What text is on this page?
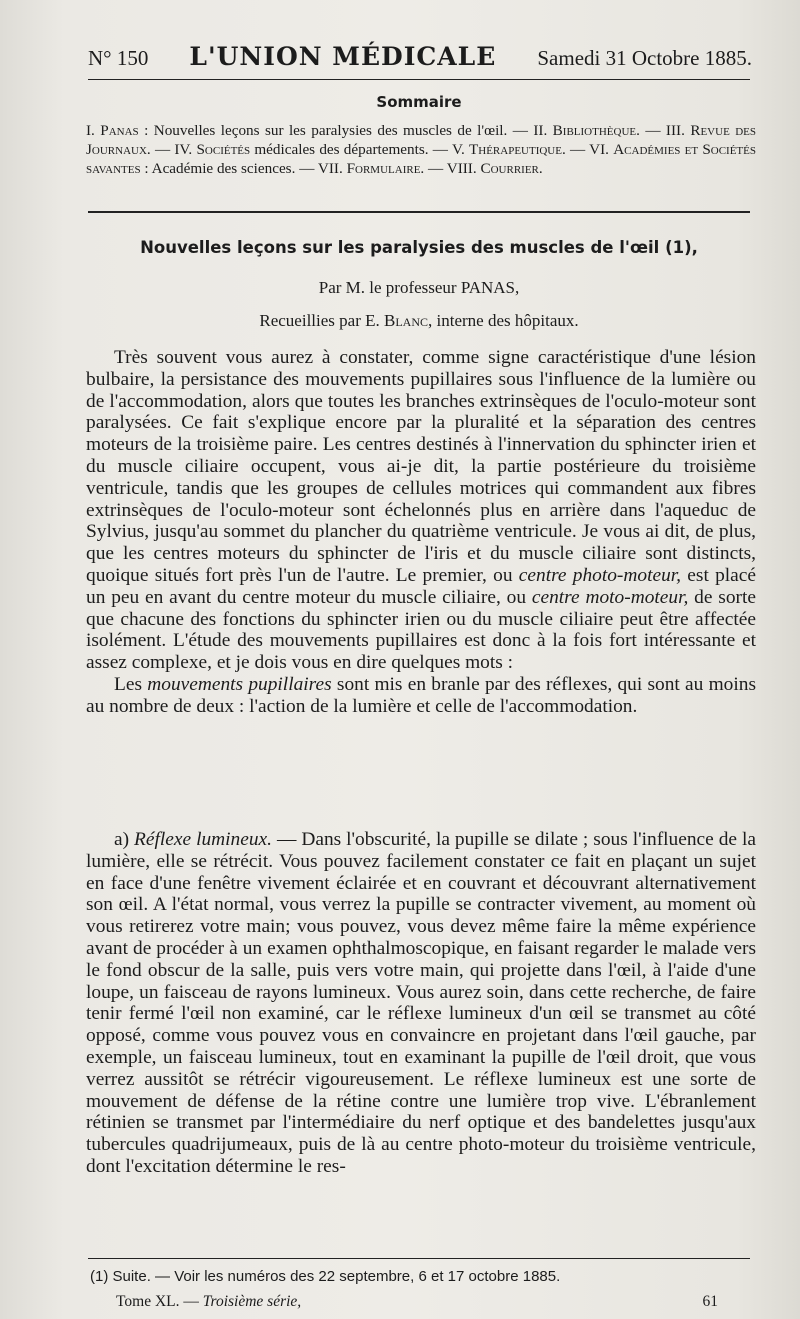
N° 150 L'UNION MÉDICALE Samedi 31 Octobre 1885.
Sommaire
I. Panas : Nouvelles leçons sur les paralysies des muscles de l'œil. — II. Bibliothèque. — III. Revue des Journaux. — IV. Sociétés médicales des départements. — V. Thérapeutique. — VI. Académies et Sociétés savantes : Académie des sciences. — VII. Formulaire. — VIII. Courrier.
Nouvelles leçons sur les paralysies des muscles de l'œil (1),
Par M. le professeur PANAS,
Recueillies par E. Blanc, interne des hôpitaux.

Très souvent vous aurez à constater, comme signe caractéristique d'une lésion bulbaire, la persistance des mouvements pupillaires sous l'influence de la lumière ou de l'accommodation, alors que toutes les branches extrinsèques de l'oculo-moteur sont paralysées. Ce fait s'explique encore par la pluralité et la séparation des centres moteurs de la troisième paire. Les centres destinés à l'innervation du sphincter irien et du muscle ciliaire occupent, vous ai-je dit, la partie postérieure du troisième ventricule, tandis que les groupes de cellules motrices qui commandent aux fibres extrinsèques de l'oculo-moteur sont échelonnés plus en arrière dans l'aqueduc de Sylvius, jusqu'au sommet du plancher du quatrième ventricule. Je vous ai dit, de plus, que les centres moteurs du sphincter de l'iris et du muscle ciliaire sont distincts, quoique situés fort près l'un de l'autre. Le premier, ou centre photo-moteur, est placé un peu en avant du centre moteur du muscle ciliaire, ou centre moto-moteur, de sorte que chacune des fonctions du sphincter irien ou du muscle ciliaire peut être affectée isolément. L'étude des mouvements pupillaires est donc à la fois fort intéressante et assez complexe, et je dois vous en dire quelques mots :

Les mouvements pupillaires sont mis en branle par des réflexes, qui sont au moins au nombre de deux : l'action de la lumière et celle de l'accommodation.

a) Réflexe lumineux. — Dans l'obscurité, la pupille se dilate ; sous l'influence de la lumière, elle se rétrécit. Vous pouvez facilement constater ce fait en plaçant un sujet en face d'une fenêtre vivement éclairée et en couvrant et découvrant alternativement son œil. A l'état normal, vous verrez la pupille se contracter vivement, au moment où vous retirerez votre main; vous pouvez, vous devez même faire la même expérience avant de procéder à un examen ophthalmoscopique, en faisant regarder le malade vers le fond obscur de la salle, puis vers votre main, qui projette dans l'œil, à l'aide d'une loupe, un faisceau de rayons lumineux. Vous aurez soin, dans cette recherche, de faire tenir fermé l'œil non examiné, car le réflexe lumineux d'un œil se transmet au côté opposé, comme vous pouvez vous en convaincre en projetant dans l'œil gauche, par exemple, un faisceau lumineux, tout en examinant la pupille de l'œil droit, que vous verrez aussitôt se rétrécir vigoureusement. Le réflexe lumineux est une sorte de mouvement de défense de la rétine contre une lumière trop vive. L'ébranlement rétinien se transmet par l'intermédiaire du nerf optique et des bandelettes jusqu'aux tubercules quadrijumeaux, puis de là au centre photo-moteur du troisième ventricule, dont l'excitation détermine le res-

(1) Suite. — Voir les numéros des 22 septembre, 6 et 17 octobre 1885.
Tome XL. — Troisième série,	61
